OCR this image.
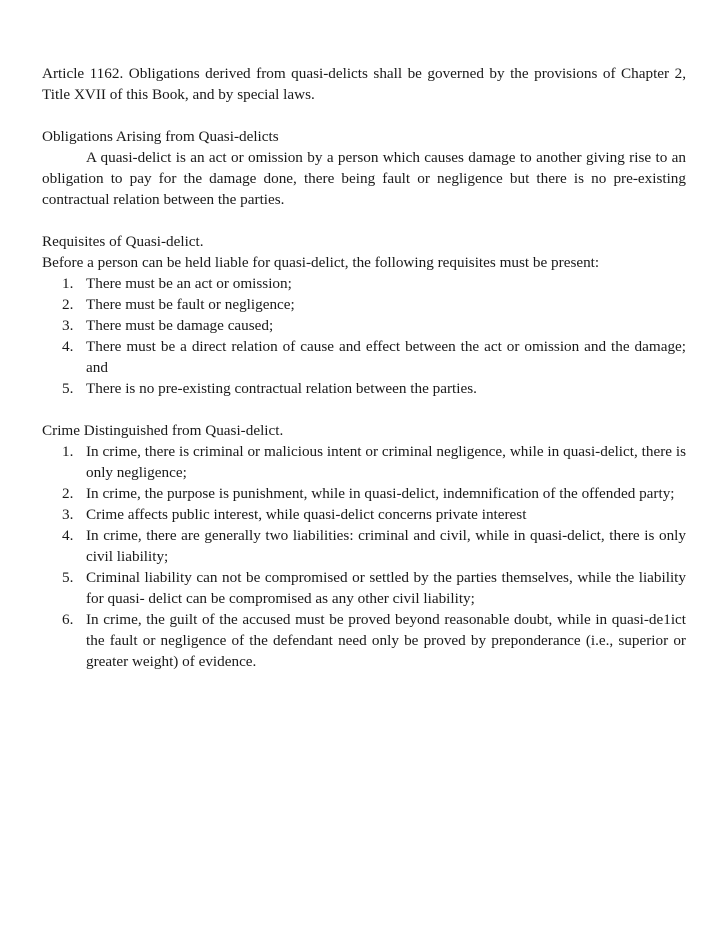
Article 1162. Obligations derived from quasi-delicts shall be governed by the provisions of Chapter 2, Title XVII of this Book, and by special laws.

Obligations Arising from Quasi-delicts

A quasi-delict is an act or omission by a person which causes damage to another giving rise to an obligation to pay for the damage done, there being fault or negligence but there is no pre-existing contractual relation between the parties.

Requisites of Quasi-delict.

Before a person can be held liable for quasi-delict, the following requisites must be present:

1. There must be an act or omission;
2. There must be fault or negligence;
3. There must be damage caused;
4. There must be a direct relation of cause and effect between the act or omission and the damage; and
5. There is no pre-existing contractual relation between the parties.

Crime Distinguished from Quasi-delict.

1. In crime, there is criminal or malicious intent or criminal negligence, while in quasi-delict, there is only negligence;
2. In crime, the purpose is punishment, while in quasi-delict, indemnification of the offended party;
3. Crime affects public interest, while quasi-delict concerns private interest
4. In crime, there are generally two liabilities: criminal and civil, while in quasi-delict, there is only civil liability;
5. Criminal liability can not be compromised or settled by the parties themselves, while the liability for quasi- delict can be compromised as any other civil liability;
6. In crime, the guilt of the accused must be proved beyond reasonable doubt, while in quasi-de1ict the fault or negligence of the defendant need only be proved by preponderance (i.e., superior or greater weight) of evidence.
